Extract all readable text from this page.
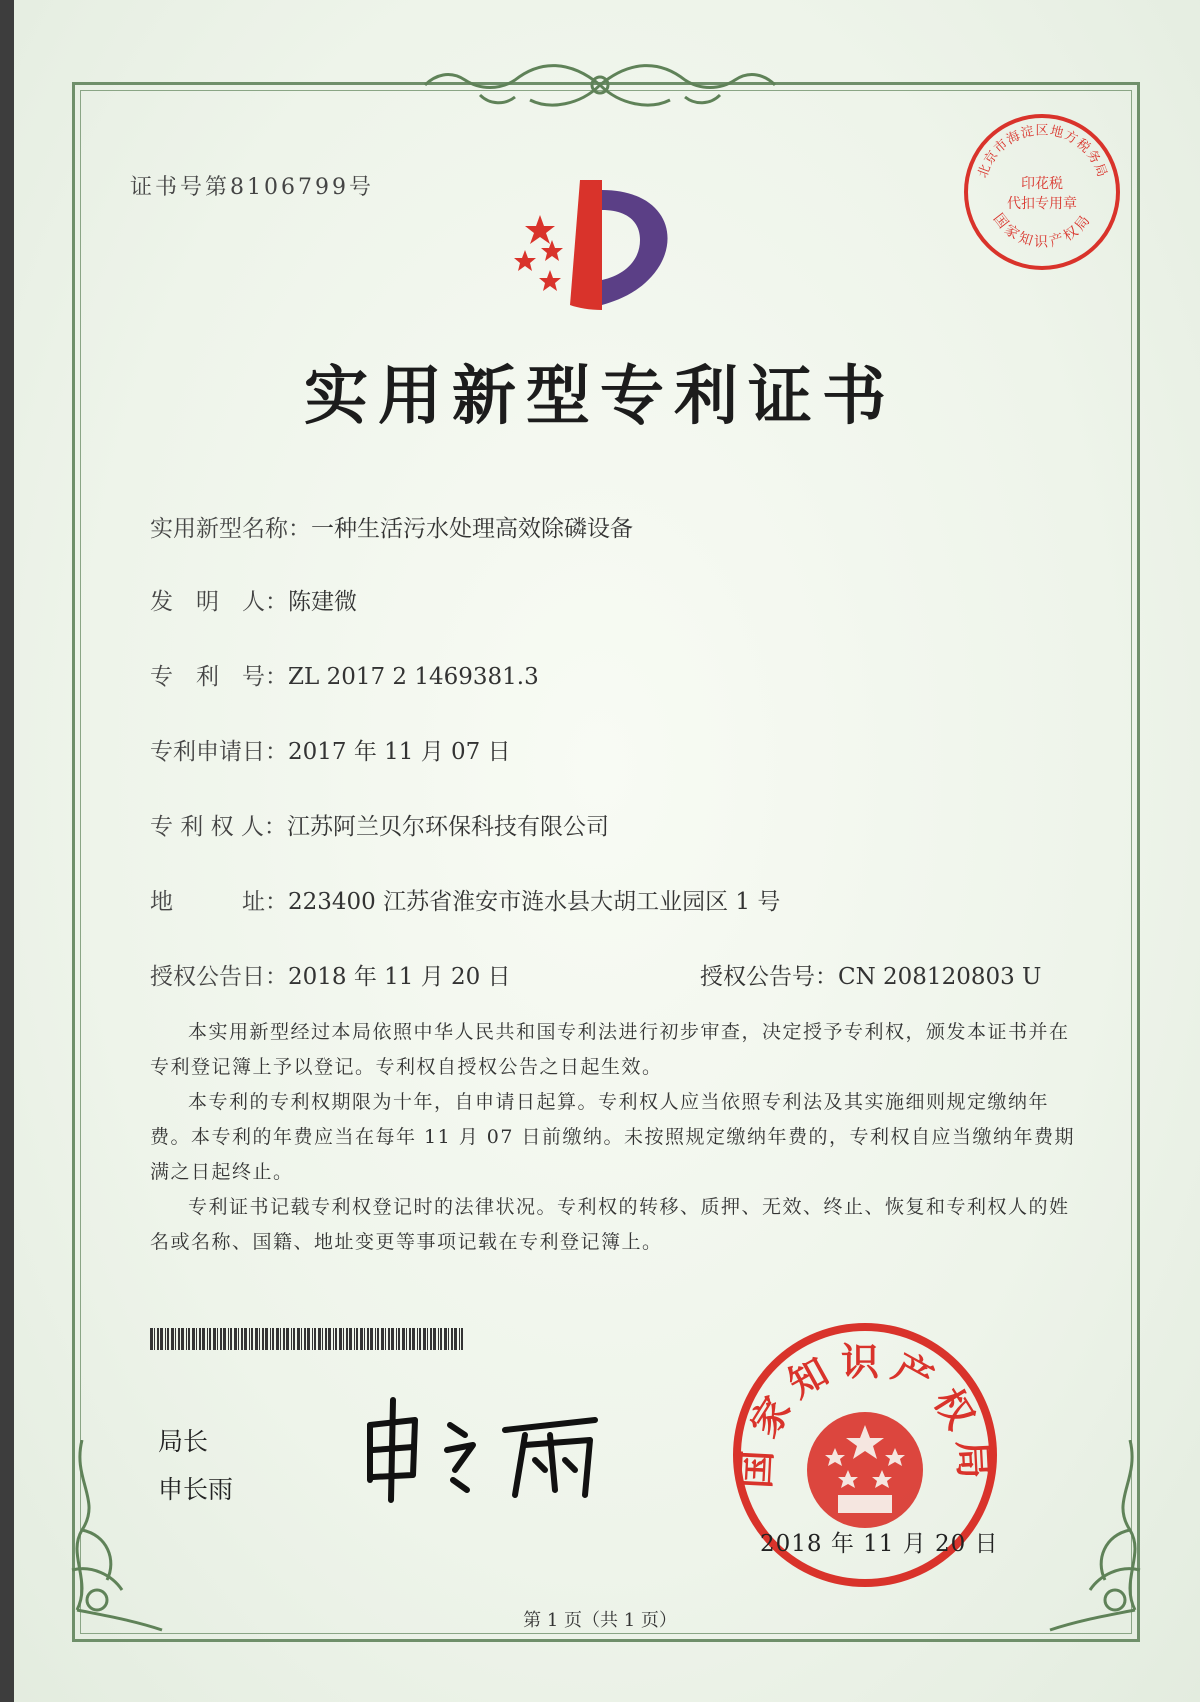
证书号第8106799号
实用新型专利证书
实用新型名称：一种生活污水处理高效除磷设备
发　明　人：陈建微
专　利　号：ZL 2017 2 1469381.3
专利申请日：2017 年 11 月 07 日
专 利 权 人：江苏阿兰贝尔环保科技有限公司
地　　　址：223400 江苏省淮安市涟水县大胡工业园区 1 号
授权公告日：2018 年 11 月 20 日	授权公告号：CN 208120803 U

本实用新型经过本局依照中华人民共和国专利法进行初步审查，决定授予专利权，颁发本证书并在专利登记簿上予以登记。专利权自授权公告之日起生效。

本专利的专利权期限为十年，自申请日起算。专利权人应当依照专利法及其实施细则规定缴纳年费。本专利的年费应当在每年 11 月 07 日前缴纳。未按照规定缴纳年费的，专利权自应当缴纳年费期满之日起终止。

专利证书记载专利权登记时的法律状况。专利权的转移、质押、无效、终止、恢复和专利权人的姓名或名称、国籍、地址变更等事项记载在专利登记簿上。

局长
申长雨	国家知识产权局
2018 年 11 月 20 日
北京市海淀区地方税务局
国家知识产权局
印花税
代扣专用章
第 1 页（共 1 页）
